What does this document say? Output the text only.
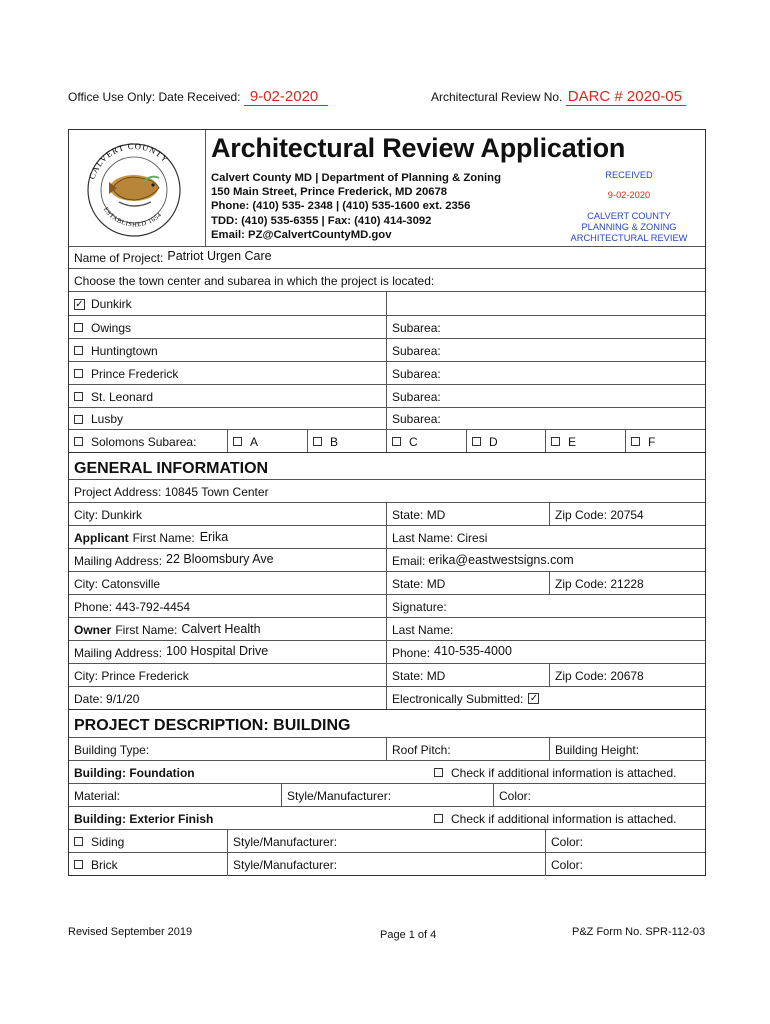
Office Use Only: Date Received: 9-02-2020	Architectural Review No. DARC # 2020-05
CALVERT COUNTY
ESTABLISHED 1654
Architectural Review Application
Calvert County MD | Department of Planning & Zoning
150 Main Street, Prince Frederick, MD 20678
Phone: (410) 535- 2348 | (410) 535-1600 ext. 2356
TDD: (410) 535-6355 | Fax: (410) 414-3092
Email: PZ@CalvertCountyMD.gov
RECEIVED
9-02-2020
CALVERT COUNTY
PLANNING & ZONING
ARCHITECTURAL REVIEW
Name of Project: Patriot Urgen Care
Choose the town center and subarea in which the project is located:
✓ Dunkirk
Owings	Subarea:
Huntingtown	Subarea:
Prince Frederick	Subarea:
St. Leonard	Subarea:
Lusby	Subarea:
Solomons Subarea:	A	B	C	D	E	F
GENERAL INFORMATION
Project Address: 10845 Town Center
City: Dunkirk	State: MD	Zip Code: 20754
Applicant First Name: Erika	Last Name: Ciresi
Mailing Address: 22 Bloomsbury Ave	Email: erika@eastwestsigns.com
City: Catonsville	State: MD	Zip Code: 21228
Phone: 443-792-4454	Signature:
Owner First Name: Calvert Health	Last Name:
Mailing Address: 100 Hospital Drive	Phone: 410-535-4000
City: Prince Frederick	State: MD	Zip Code: 20678
Date: 9/1/20	Electronically Submitted: ✓
PROJECT DESCRIPTION: BUILDING
Building Type:	Roof Pitch:	Building Height:
Building: Foundation	Check if additional information is attached.
Material:	Style/Manufacturer:	Color:
Building: Exterior Finish	Check if additional information is attached.
Siding	Style/Manufacturer:	Color:
Brick	Style/Manufacturer:	Color:
Revised September 2019	Page 1 of 4	P&Z Form No. SPR-112-03
